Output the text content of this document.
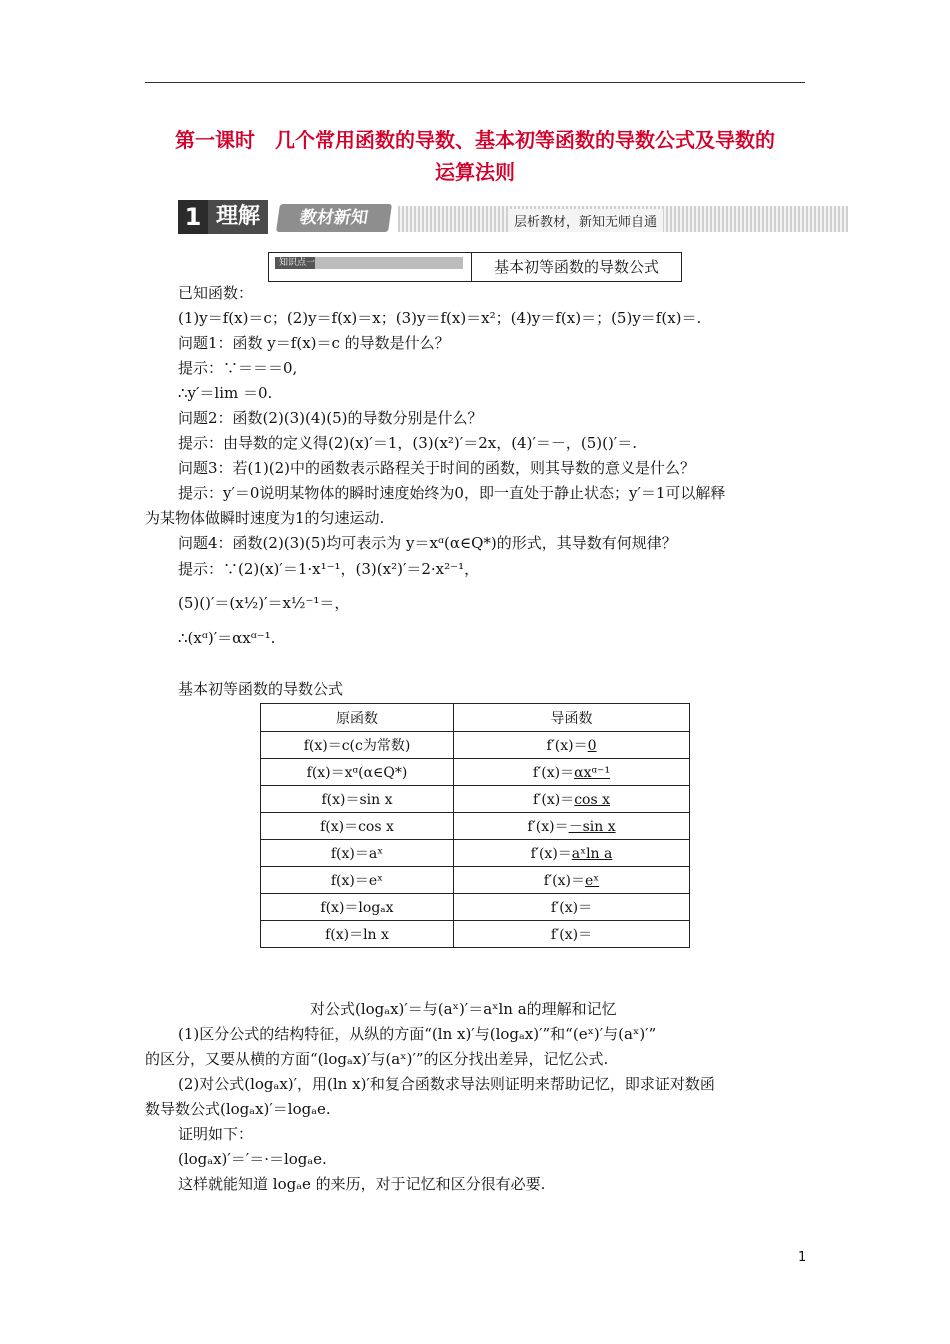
第一课时　几个常用函数的导数、基本初等函数的导数公式及导数的
运算法则
1 理解	教材新知	层析教材，新知无师自通
知识点一	基本初等函数的导数公式
已知函数：
(1)y＝f(x)＝c；(2)y＝f(x)＝x；(3)y＝f(x)＝x²；(4)y＝f(x)＝；(5)y＝f(x)＝.
问题1：函数 y＝f(x)＝c 的导数是什么？
提示：∵＝＝＝0,
∴y′＝lim ＝0.
问题2：函数(2)(3)(4)(5)的导数分别是什么？
提示：由导数的定义得(2)(x)′＝1，(3)(x²)′＝2x，(4)′＝－，(5)()′＝.
问题3：若(1)(2)中的函数表示路程关于时间的函数，则其导数的意义是什么？
提示：y′＝0说明某物体的瞬时速度始终为0，即一直处于静止状态；y′＝1可以解释
为某物体做瞬时速度为1的匀速运动.
问题4：函数(2)(3)(5)均可表示为 y＝xᵅ(α∈Q*)的形式，其导数有何规律？
提示：∵(2)(x)′＝1·x¹⁻¹，(3)(x²)′＝2·x²⁻¹，
(5)()′＝(x½)′＝x½⁻¹＝，
∴(xᵅ)′＝αxᵅ⁻¹.
基本初等函数的导数公式
原函数	导函数
f(x)＝c(c为常数)	f′(x)＝0
f(x)＝xᵅ(α∈Q*)	f′(x)＝αxᵅ⁻¹
f(x)＝sin x	f′(x)＝cos x
f(x)＝cos x	f′(x)＝－sin x
f(x)＝aˣ	f′(x)＝aˣln a
f(x)＝eˣ	f′(x)＝eˣ
f(x)＝logₐx	f′(x)＝
f(x)＝ln x	f′(x)＝
对公式(logₐx)′＝与(aˣ)′＝aˣln a的理解和记忆
(1)区分公式的结构特征，从纵的方面“(ln x)′与(logₐx)′”和“(eˣ)′与(aˣ)′”
的区分，又要从横的方面“(logₐx)′与(aˣ)′”的区分找出差异，记忆公式.
(2)对公式(logₐx)′，用(ln x)′和复合函数求导法则证明来帮助记忆，即求证对数函
数导数公式(logₐx)′＝logₐe.
证明如下：
(logₐx)′＝′＝·＝logₐe.
这样就能知道 logₐe 的来历，对于记忆和区分很有必要.
1
